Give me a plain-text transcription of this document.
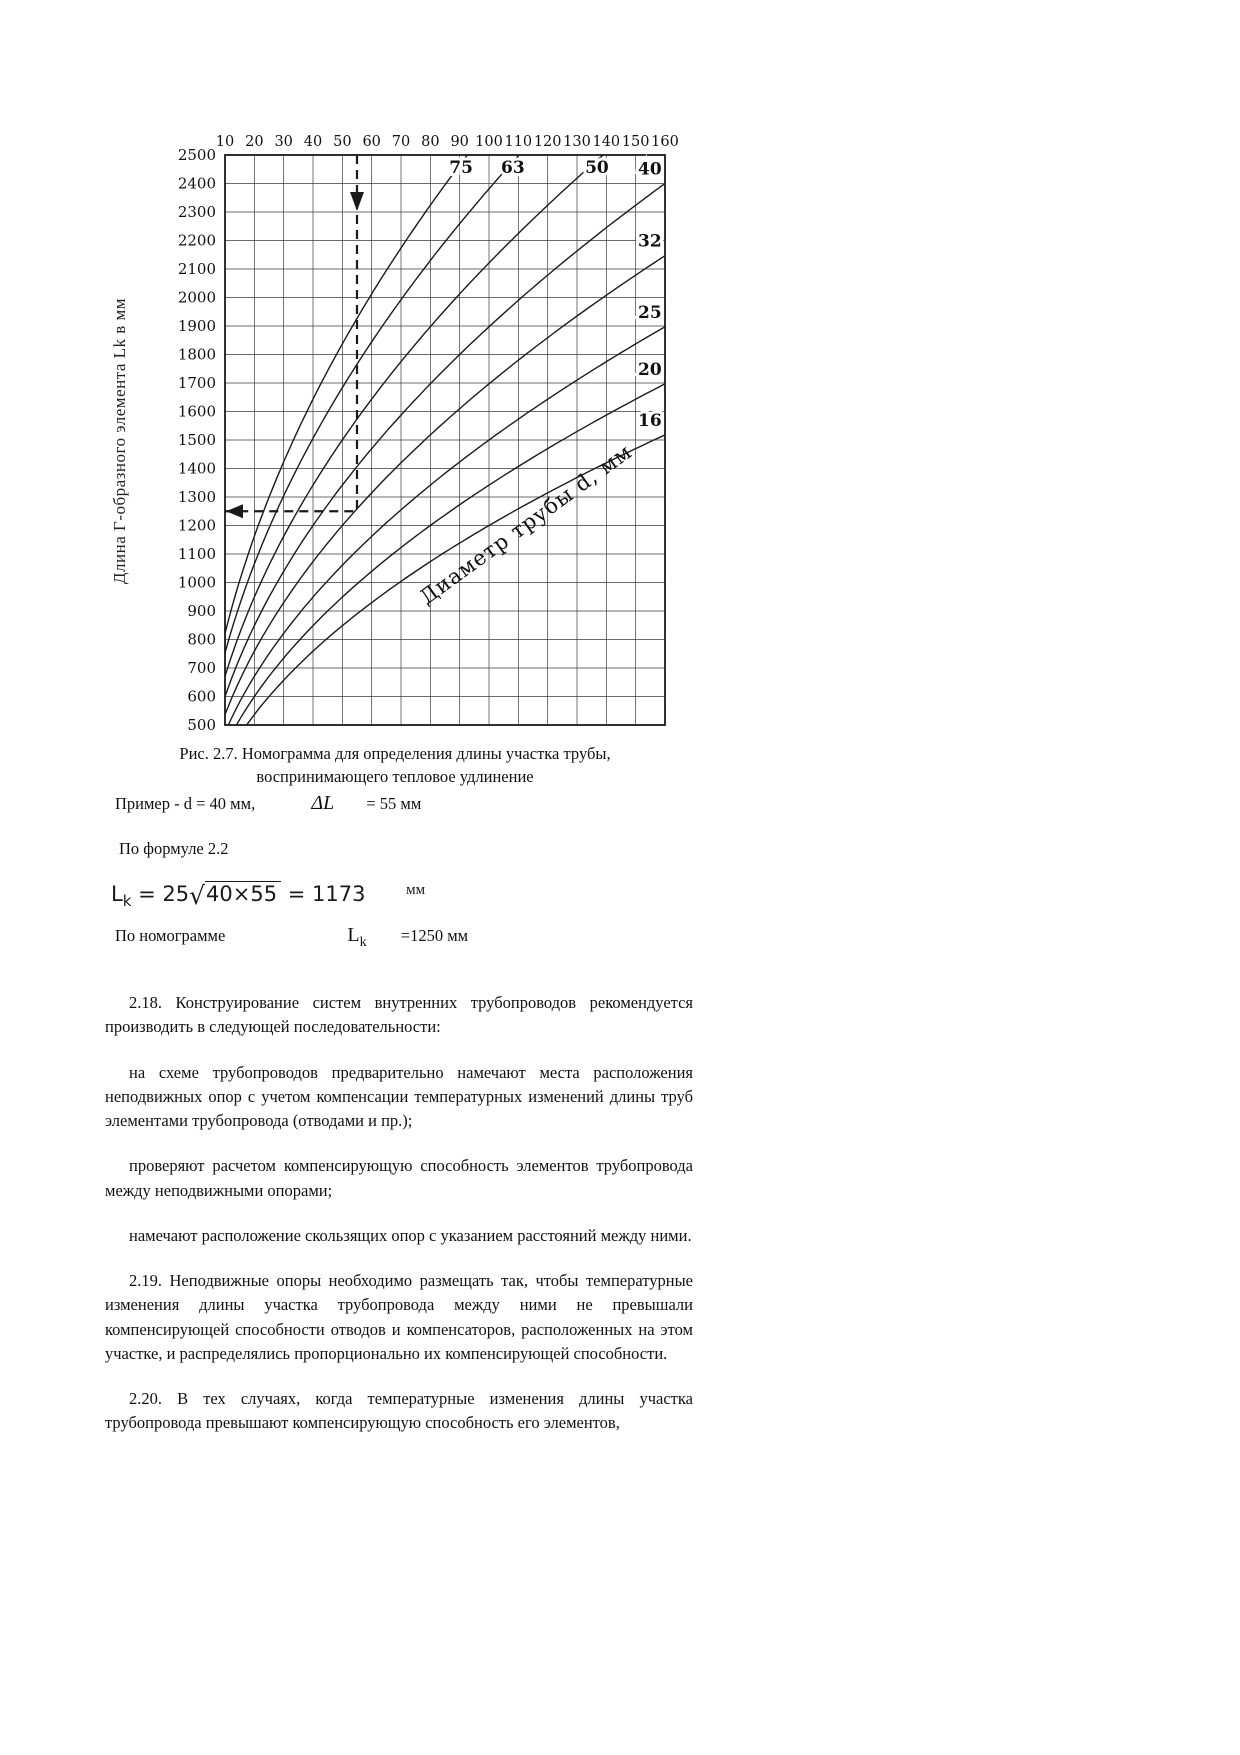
500
600
700
800
900
1000
1100
1200
1300
1400
1500
1600
1700
1800
1900
2000
2100
2200
2300
2400
2500
10 20 30 40 50 60 70 80 90 100 110 120 130 140 150 160
75 63	50 40
32
25
20
16
Диаметр трубы d, мм
Длина Г-образного элемента Lk в мм
Рис. 2.7. Номограмма для определения длины участка трубы,
воспринимающего тепловое удлинение
Пример - d = 40 мм,	ΔL = 55 мм
По формуле 2.2
$L_k = 25√40\times 55 = 1173$	$^{мм}$
По номограмме	$L_k =1250$ мм

2.18. Конструирование систем внутренних трубопроводов рекомендуется производить в следующей последовательности:

на схеме трубопроводов предварительно намечают места расположения неподвижных опор с учетом компенсации температурных изменений длины труб элементами трубопровода (отводами и пр.);

проверяют расчетом компенсирующую способность элементов трубопровода между неподвижными опорами;

намечают расположение скользящих опор с указанием расстояний между ними.

2.19. Неподвижные опоры необходимо размещать так, чтобы температурные изменения длины участка трубопровода между ними не превышали компенсирующей способности отводов и компенсаторов, расположенных на этом участке, и распределялись пропорционально их компенсирующей способности.

2.20. В тех случаях, когда температурные изменения длины участка трубопровода превышают компенсирующую способность его элементов,
